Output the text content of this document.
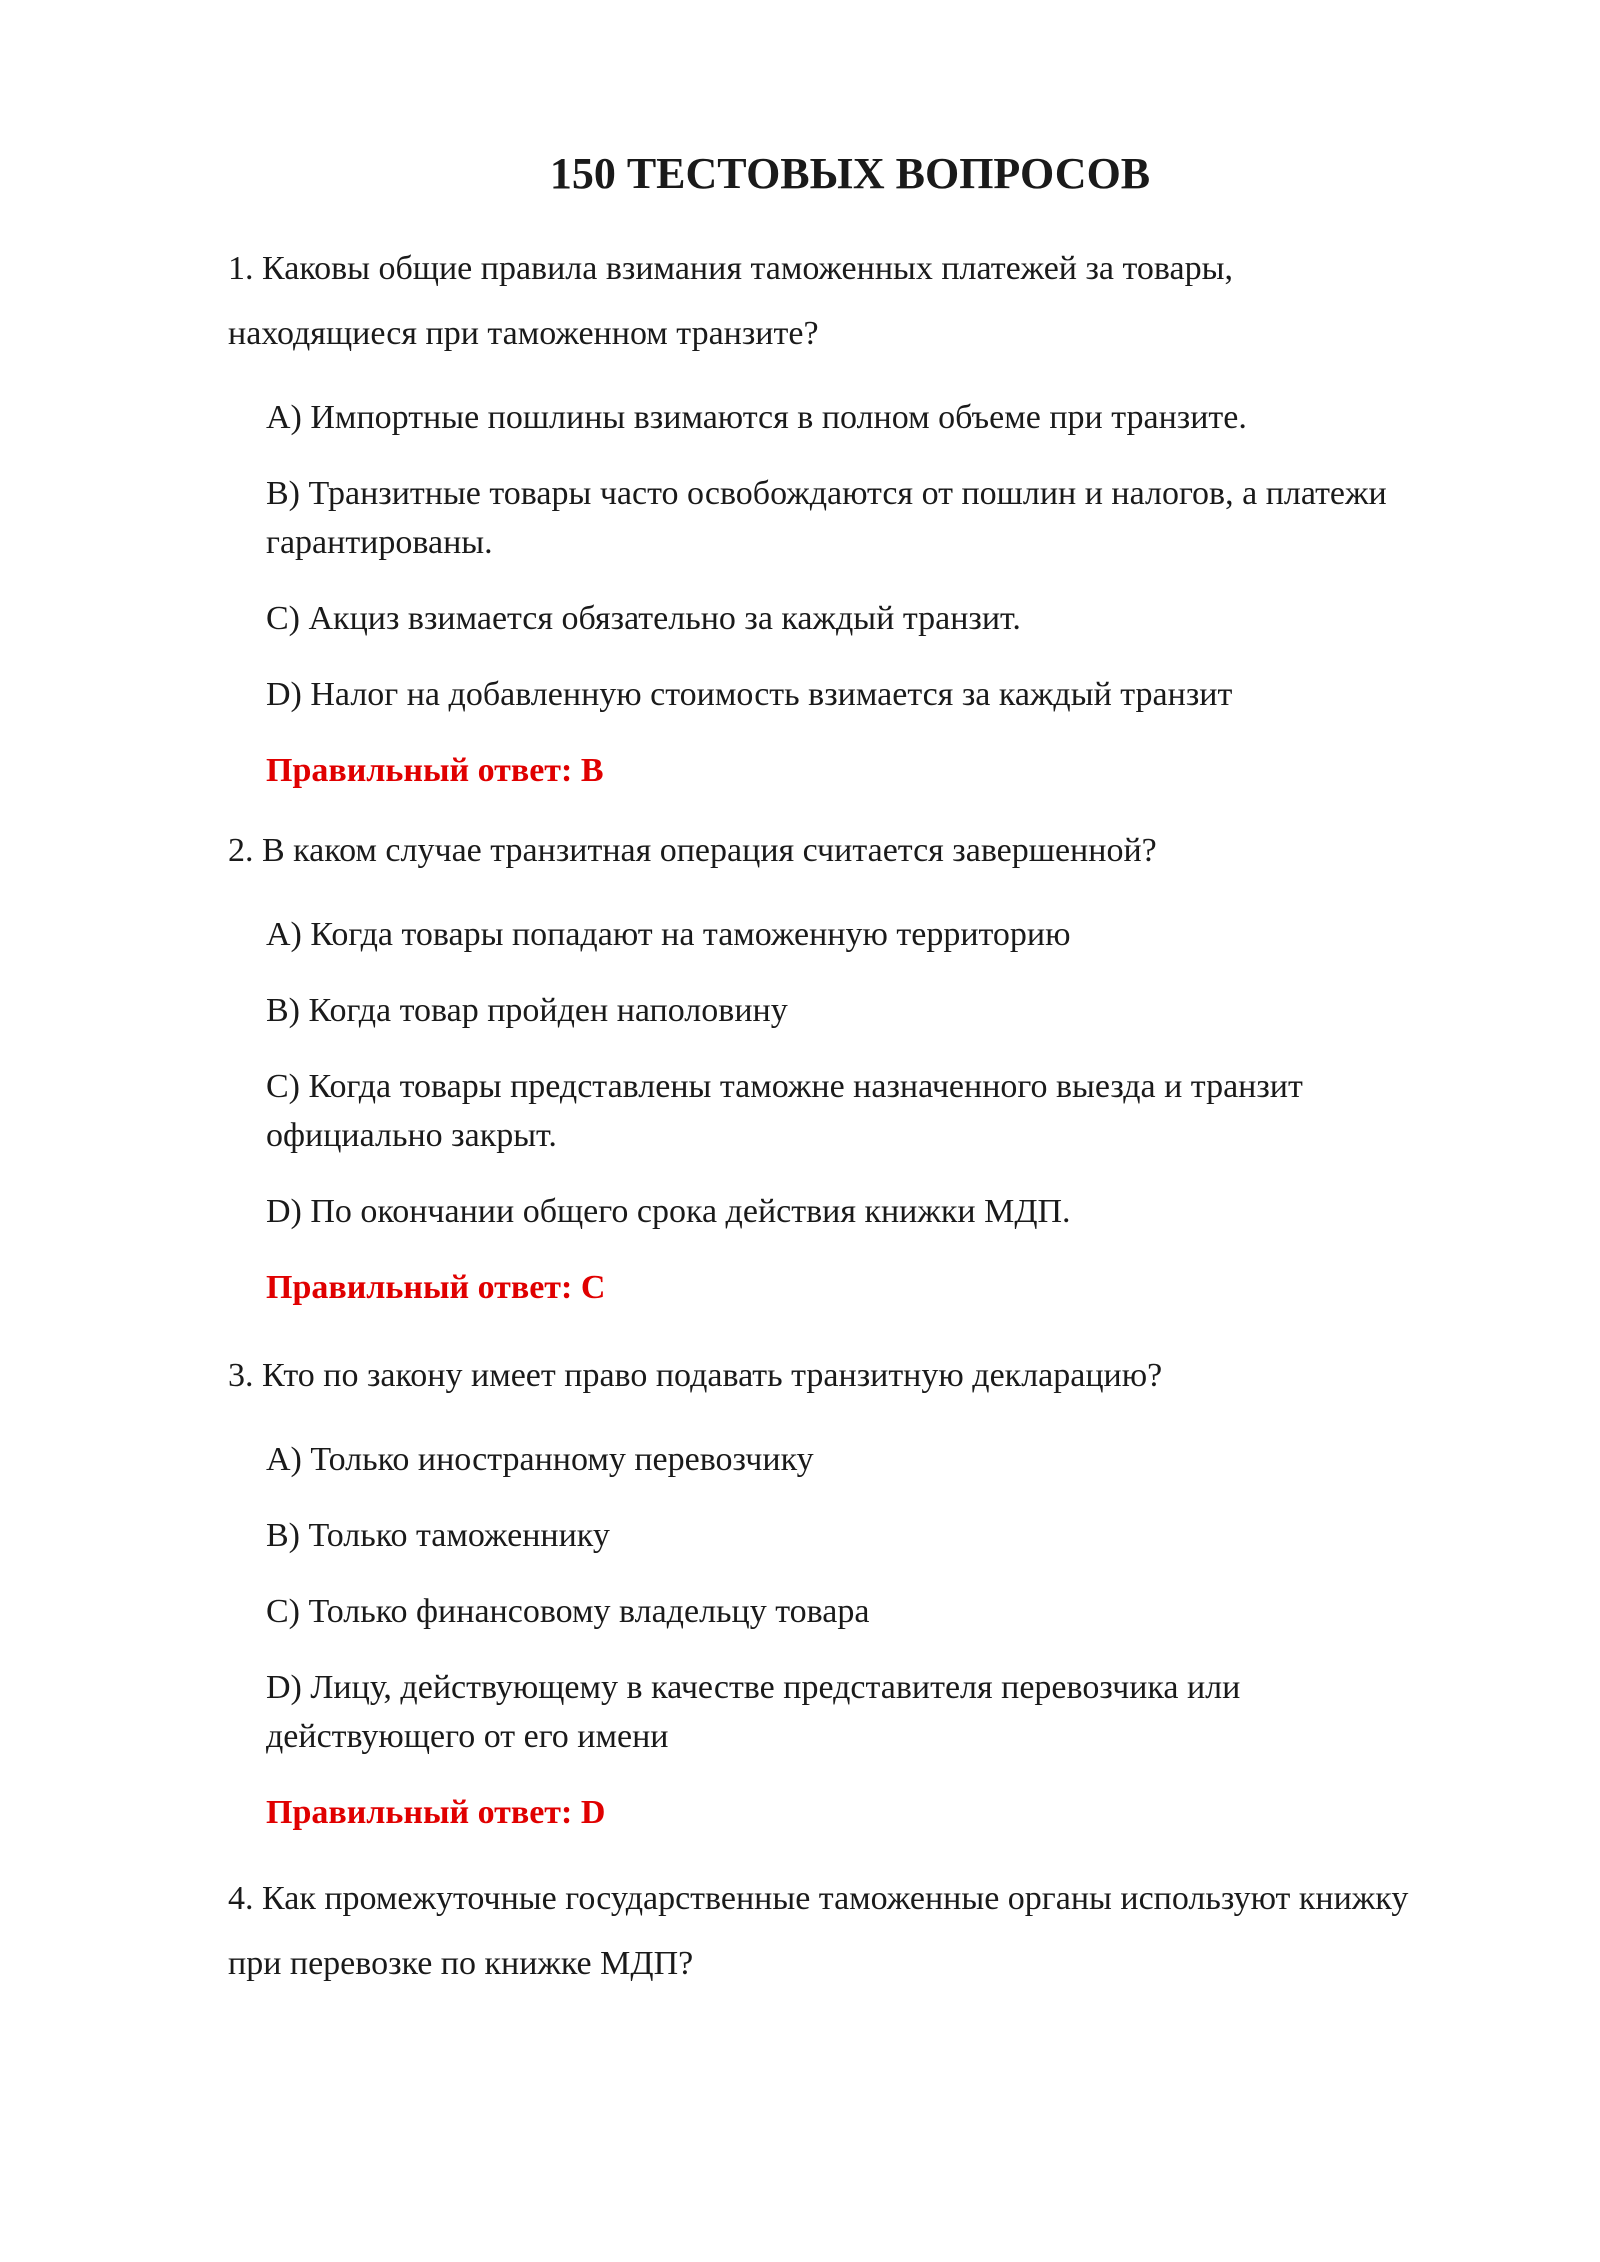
150 ТЕСТОВЫХ ВОПРОСОВ

1. Каковы общие правила взимания таможенных платежей за товары, находящиеся при таможенном транзите?

A) Импортные пошлины взимаются в полном объеме при транзите.
B) Транзитные товары часто освобождаются от пошлин и налогов, а платежи гарантированы.
C) Акциз взимается обязательно за каждый транзит.
D) Налог на добавленную стоимость взимается за каждый транзит
Правильный ответ: B

2. В каком случае транзитная операция считается завершенной?

A) Когда товары попадают на таможенную территорию
B) Когда товар пройден наполовину
C) Когда товары представлены таможне назначенного выезда и транзит официально закрыт.
D) По окончании общего срока действия книжки МДП.
Правильный ответ: C

3. Кто по закону имеет право подавать транзитную декларацию?

A) Только иностранному перевозчику
B) Только таможеннику
C) Только финансовому владельцу товара
D) Лицу, действующему в качестве представителя перевозчика или действующего от его имени
Правильный ответ: D

4. Как промежуточные государственные таможенные органы используют книжку при перевозке по книжке МДП?
